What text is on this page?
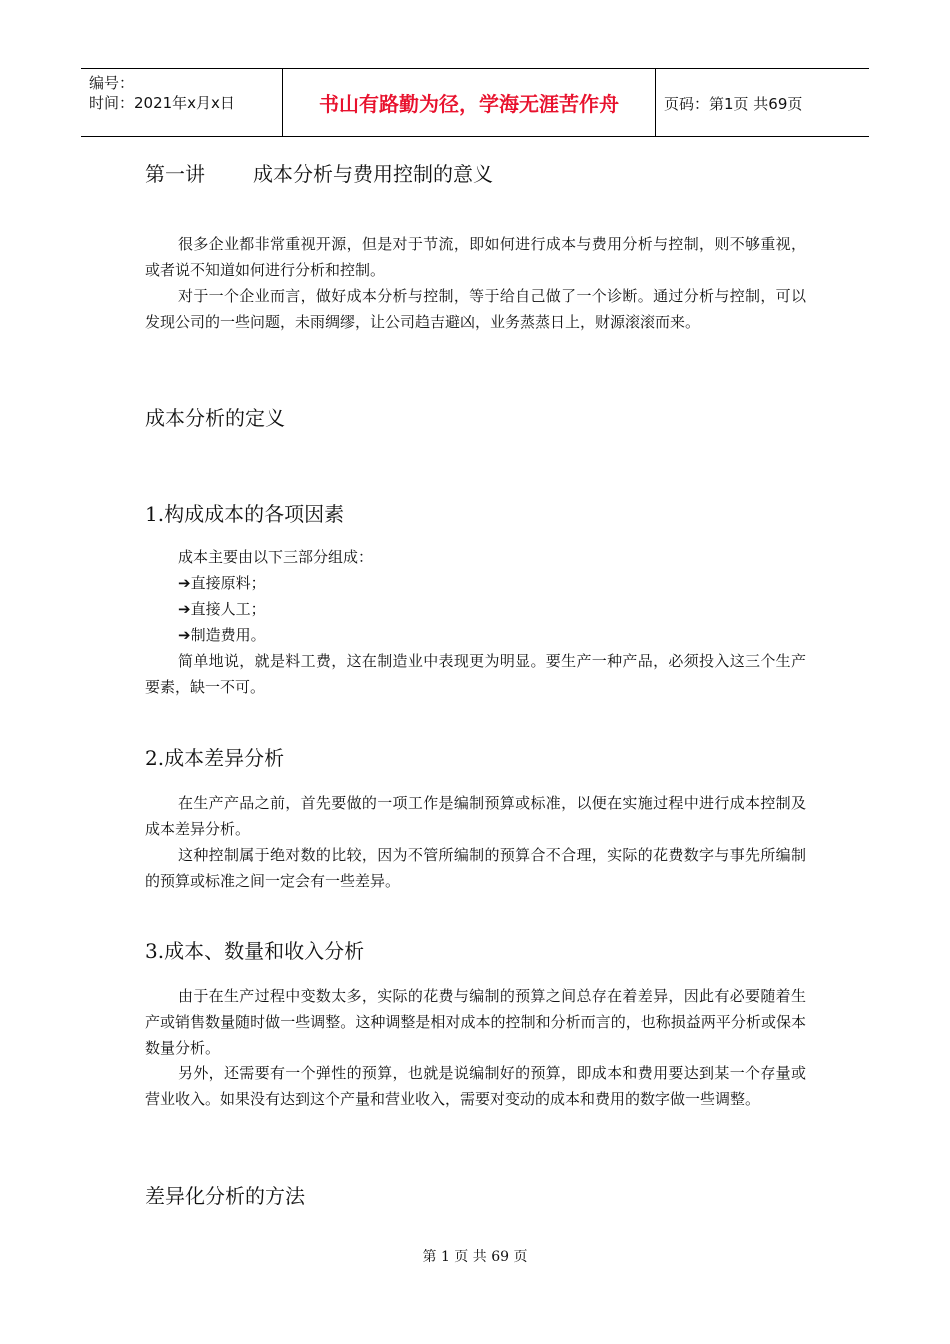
编号：
时间：2021年x月x日	书山有路勤为径，学海无涯苦作舟	页码：第1页 共69页
第一讲 成本分析与费用控制的意义

很多企业都非常重视开源，但是对于节流，即如何进行成本与费用分析与控制，则不够重视，或者说不知道如何进行分析和控制。

对于一个企业而言，做好成本分析与控制，等于给自己做了一个诊断。通过分析与控制，可以发现公司的一些问题，未雨绸缪，让公司趋吉避凶，业务蒸蒸日上，财源滚滚而来。

成本分析的定义
1.构成成本的各项因素
成本主要由以下三部分组成：
➔直接原料；
➔直接人工；
➔制造费用。

简单地说，就是料工费，这在制造业中表现更为明显。要生产一种产品，必须投入这三个生产要素，缺一不可。

2.成本差异分析

在生产产品之前，首先要做的一项工作是编制预算或标准，以便在实施过程中进行成本控制及成本差异分析。

这种控制属于绝对数的比较，因为不管所编制的预算合不合理，实际的花费数字与事先所编制的预算或标准之间一定会有一些差异。

3.成本、数量和收入分析

由于在生产过程中变数太多，实际的花费与编制的预算之间总存在着差异，因此有必要随着生产或销售数量随时做一些调整。这种调整是相对成本的控制和分析而言的，也称损益两平分析或保本数量分析。

另外，还需要有一个弹性的预算，也就是说编制好的预算，即成本和费用要达到某一个存量或营业收入。如果没有达到这个产量和营业收入，需要对变动的成本和费用的数字做一些调整。

差异化分析的方法
第 1 页 共 69 页
